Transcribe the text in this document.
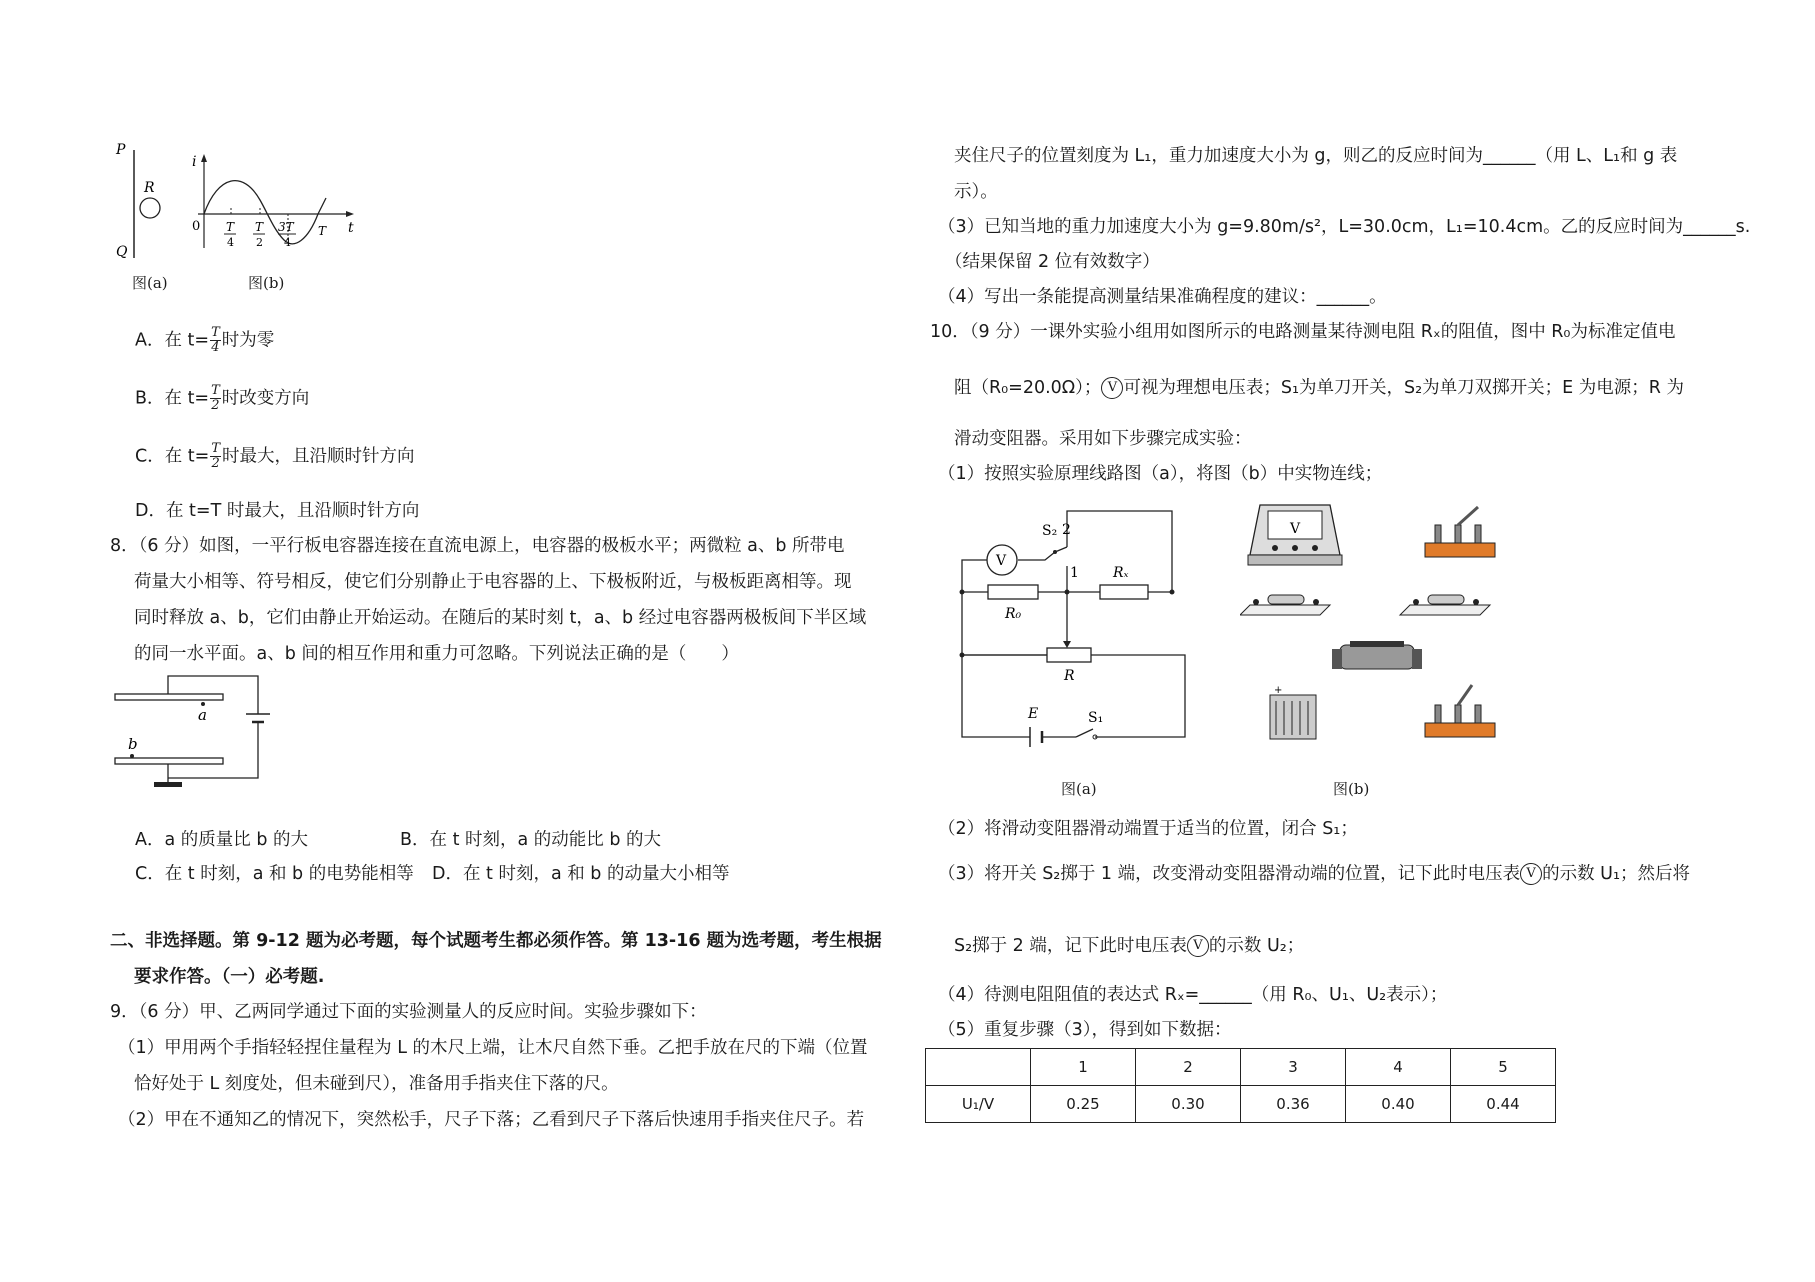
P
R
Q
i
t
0 T
4
T
2
3T
4
T
图(a)	图(b)
A．在 $t= \frac{T}{4}$ 时为零
B．在 $t= \frac{T}{2}$ 时改变方向
C．在 $t= \frac{T}{2}$ 时最大，且沿顺时针方向
D．在 t=T 时最大，且沿顺时针方向
8．（6 分）如图，一平行板电容器连接在直流电源上，电容器的极板水平；两微粒 a、b 所带电
荷量大小相等、符号相反，使它们分别静止于电容器的上、下极板附近，与极板距离相等。现
同时释放 a、b，它们由静止开始运动。在随后的某时刻 t，a、b 经过电容器两极板间下半区域
的同一水平面。a、b 间的相互作用和重力可忽略。下列说法正确的是（　　）
a
b
A．a 的质量比 b 的大	B．在 t 时刻，a 的动能比 b 的大
C．在 t 时刻，a 和 b 的电势能相等 D．在 t 时刻，a 和 b 的动量大小相等
二、非选择题。第 9-12 题为必考题，每个试题考生都必须作答。第 13-16 题为选考题，考生根据
要求作答。（一）必考题.
9．（6 分）甲、乙两同学通过下面的实验测量人的反应时间。实验步骤如下：
（1）甲用两个手指轻轻捏住量程为 L 的木尺上端，让木尺自然下垂。乙把手放在尺的下端（位置
恰好处于 L 刻度处，但未碰到尺），准备用手指夹住下落的尺。
（2）甲在不通知乙的情况下，突然松手，尺子下落；乙看到尺子下落后快速用手指夹住尺子。若
夹住尺子的位置刻度为 L₁，重力加速度大小为 g，则乙的反应时间为______（用 L、L₁和 g 表
示）。
（3）已知当地的重力加速度大小为 g=9.80m/s²，L=30.0cm，L₁=10.4cm。乙的反应时间为______s.
（结果保留 2 位有效数字）
（4）写出一条能提高测量结果准确程度的建议：______。
10．（9 分）一课外实验小组用如图所示的电路测量某待测电阻 Rₓ的阻值，图中 R₀为标准定值电
阻（R₀=20.0Ω）； V 可视为理想电压表；S₁为单刀开关，S₂为单刀双掷开关；E 为电源；R 为
滑动变阻器。采用如下步骤完成实验：
（1）按照实验原理线路图（a），将图（b）中实物连线；
V
S₂ 2
1 Rₓ
R₀
R
E	S₁
V
+
图(a)	图(b)
（2）将滑动变阻器滑动端置于适当的位置，闭合 S₁；
（3）将开关 S₂掷于 1 端，改变滑动变阻器滑动端的位置，记下此时电压表 V 的示数 U₁；然后将
S₂掷于 2 端，记下此时电压表 V 的示数 U₂；
（4）待测电阻阻值的表达式 Rₓ=______（用 R₀、U₁、U₂表示）；
（5）重复步骤（3），得到如下数据：
	1	2	3	4	5
U₁/V	0.25	0.30	0.36	0.40	0.44
